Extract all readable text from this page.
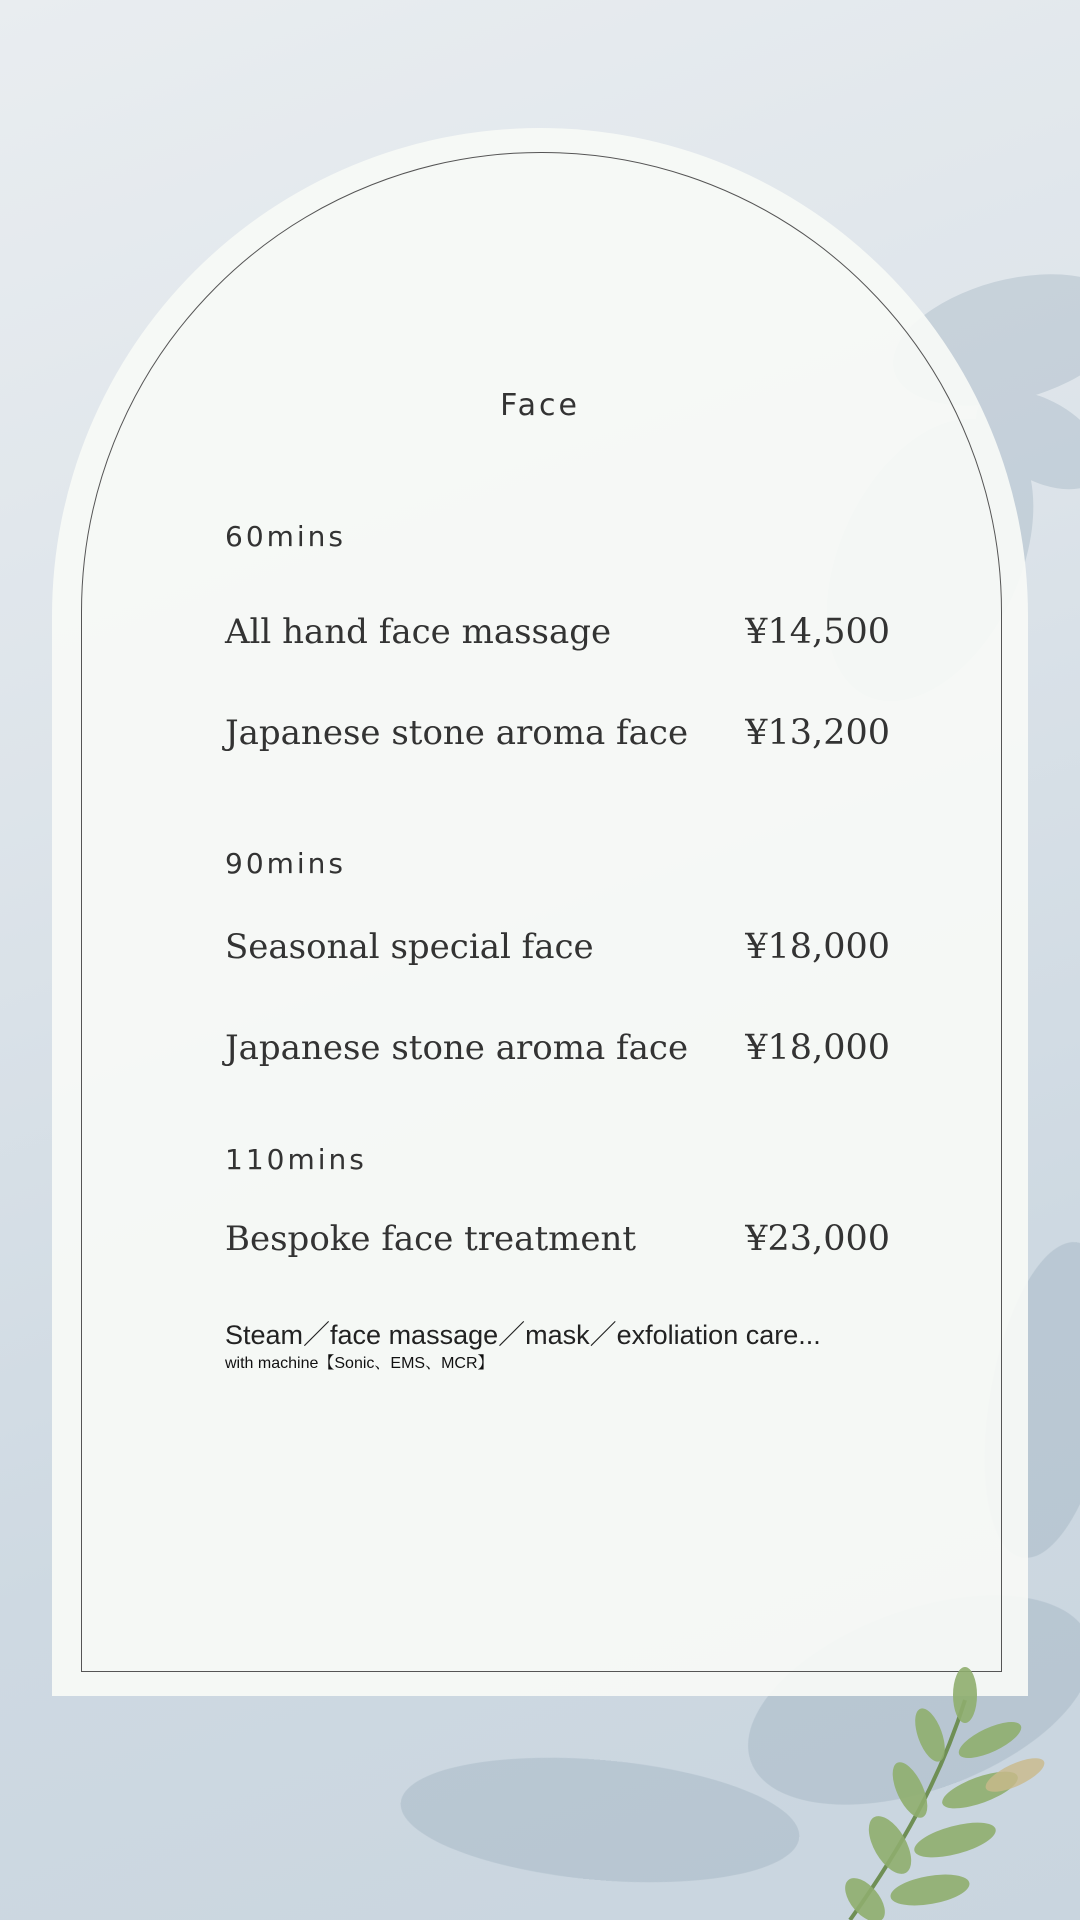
Face
60mins
All hand face massage	¥14,500
Japanese stone aroma face ¥13,200
90mins
Seasonal special face	¥18,000
Japanese stone aroma face ¥18,000
110mins
Bespoke face treatment	¥23,000
Steam／face massage／mask／exfoliation care...
with machine【Sonic、EMS、MCR】
